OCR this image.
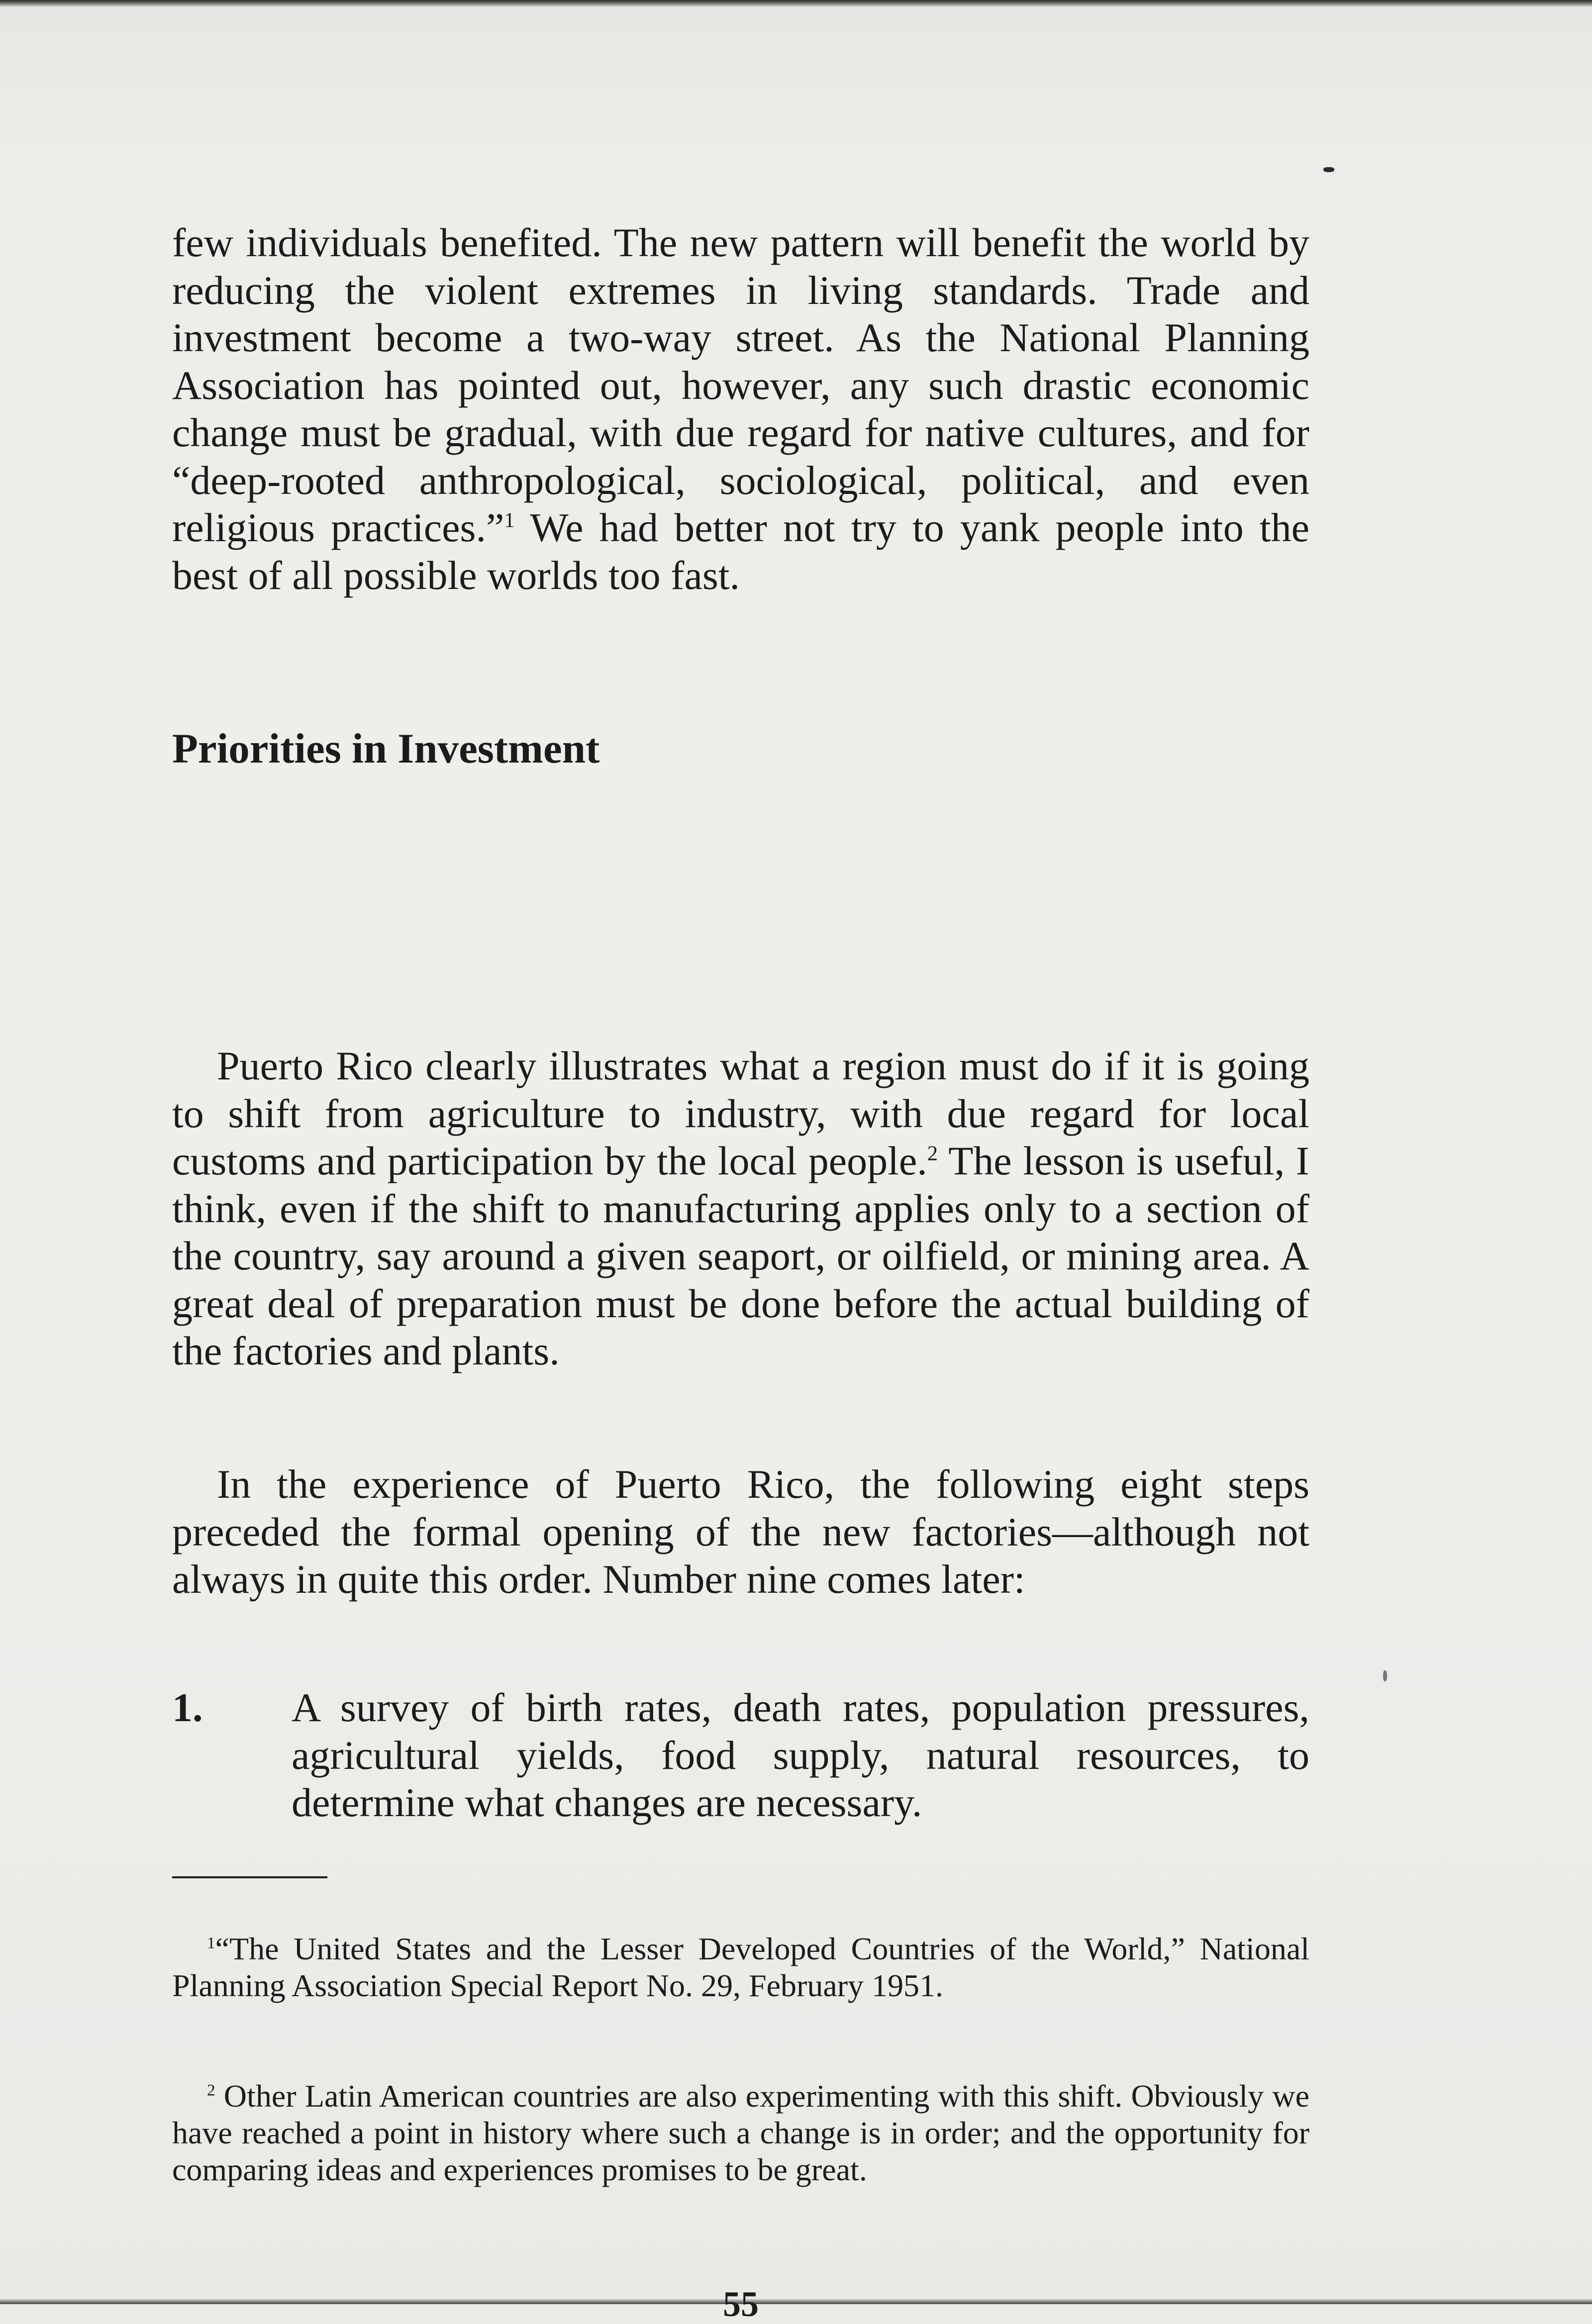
few individuals benefited. The new pattern will benefit the world by reducing the violent extremes in living standards. Trade and investment become a two-way street. As the National Planning Association has pointed out, however, any such drastic economic change must be gradual, with due regard for native cultures, and for “deep-rooted anthropological, sociological, political, and even religious practices.”$^1$ We had better not try to yank people into the best of all possible worlds too fast.

Priorities in Investment

Puerto Rico clearly illustrates what a region must do if it is going to shift from agriculture to industry, with due regard for local customs and participation by the local people.$^2$ The lesson is useful, I think, even if the shift to manufacturing applies only to a section of the country, say around a given seaport, or oilfield, or mining area. A great deal of preparation must be done before the actual building of the factories and plants.

In the experience of Puerto Rico, the following eight steps preceded the formal opening of the new factories—although not always in quite this order. Number nine comes later:

1.	A survey of birth rates, death rates, population pressures, agricultural yields, food supply, natural resources, to determine what changes are necessary.

$^1$“The United States and the Lesser Developed Countries of the World,” National Planning Association Special Report No. 29, February 1951.

$^2$ Other Latin American countries are also experimenting with this shift. Obviously we have reached a point in history where such a change is in order; and the opportunity for comparing ideas and experiences promises to be great.

55
